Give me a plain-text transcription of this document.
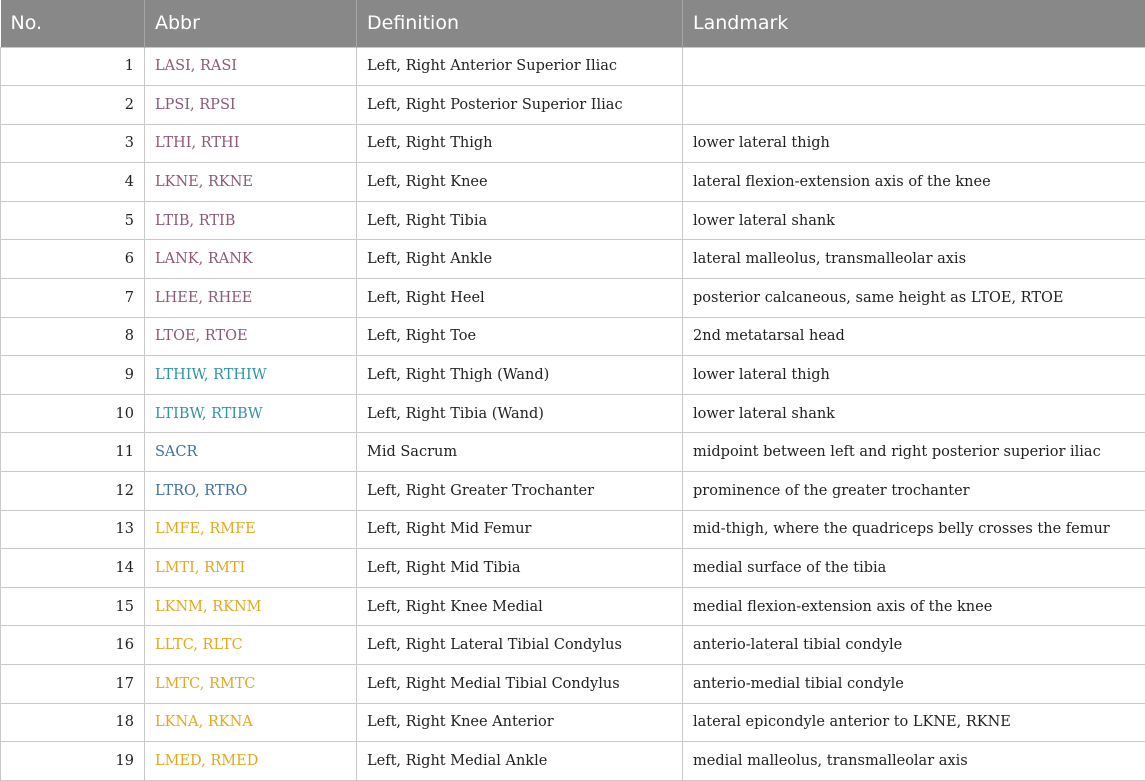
No.	Abbr	Definition	Landmark
1	LASI, RASI	Left, Right Anterior Superior Iliac	
2	LPSI, RPSI	Left, Right Posterior Superior Iliac	
3	LTHI, RTHI	Left, Right Thigh	lower lateral thigh
4	LKNE, RKNE	Left, Right Knee	lateral flexion-extension axis of the knee
5	LTIB, RTIB	Left, Right Tibia	lower lateral shank
6	LANK, RANK	Left, Right Ankle	lateral malleolus, transmalleolar axis
7	LHEE, RHEE	Left, Right Heel	posterior calcaneous, same height as LTOE, RTOE
8	LTOE, RTOE	Left, Right Toe	2nd metatarsal head
9	LTHIW, RTHIW	Left, Right Thigh (Wand)	lower lateral thigh
10	LTIBW, RTIBW	Left, Right Tibia (Wand)	lower lateral shank
11	SACR	Mid Sacrum	midpoint between left and right posterior superior iliac
12	LTRO, RTRO	Left, Right Greater Trochanter	prominence of the greater trochanter
13	LMFE, RMFE	Left, Right Mid Femur	mid-thigh, where the quadriceps belly crosses the femur
14	LMTI, RMTI	Left, Right Mid Tibia	medial surface of the tibia
15	LKNM, RKNM	Left, Right Knee Medial	medial flexion-extension axis of the knee
16	LLTC, RLTC	Left, Right Lateral Tibial Condylus	anterio-lateral tibial condyle
17	LMTC, RMTC	Left, Right Medial Tibial Condylus	anterio-medial tibial condyle
18	LKNA, RKNA	Left, Right Knee Anterior	lateral epicondyle anterior to LKNE, RKNE
19	LMED, RMED	Left, Right Medial Ankle	medial malleolus, transmalleolar axis
